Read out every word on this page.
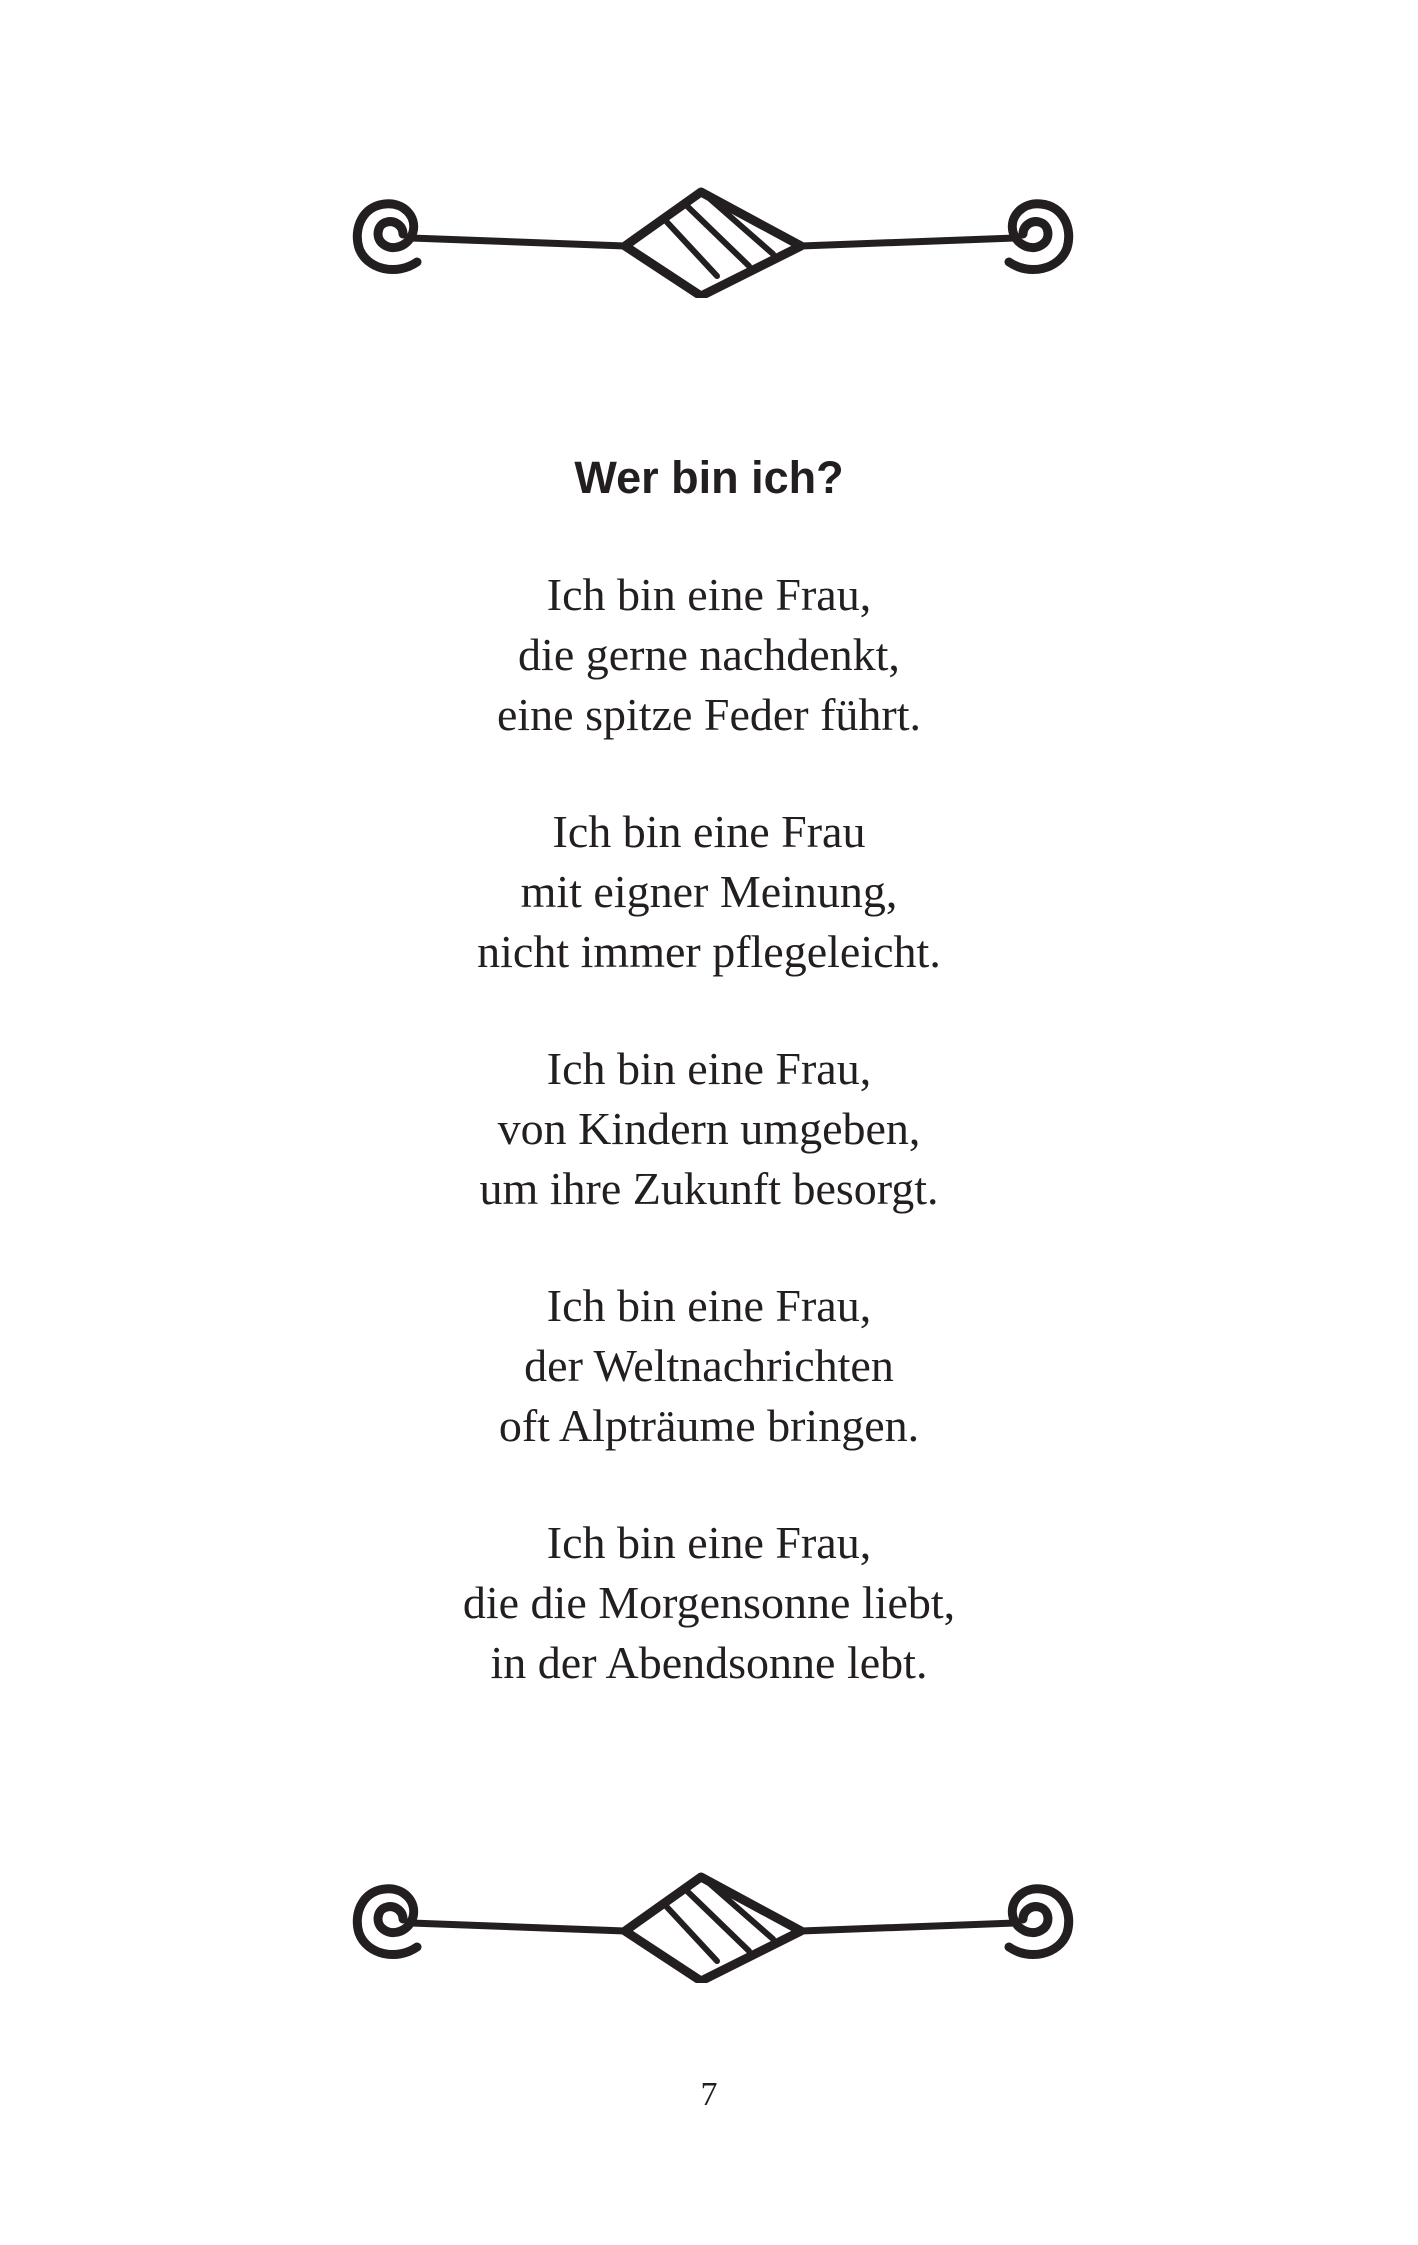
Wer bin ich?

Ich bin eine Frau,
die gerne nachdenkt,
eine spitze Feder führt.

Ich bin eine Frau
mit eigner Meinung,
nicht immer pflegeleicht.

Ich bin eine Frau,
von Kindern umgeben,
um ihre Zukunft besorgt.

Ich bin eine Frau,
der Weltnachrichten
oft Alpträume bringen.

Ich bin eine Frau,
die die Morgensonne liebt,
in der Abendsonne lebt.

7
